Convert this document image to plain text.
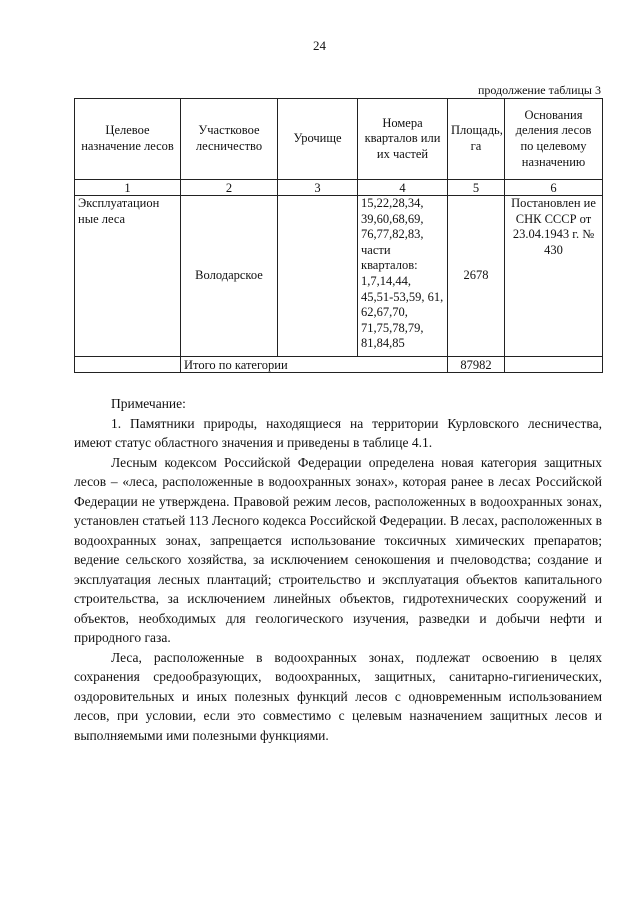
24
продолжение таблицы 3
Целевое назначение лесов	Участковое лесничество	Урочище	Номера кварталов или их частей	Площадь, га	Основания деления лесов по целевому назначению
1	2	3	4	5	6
Эксплуатацион ные леса	Володарское		15,22,28,34, 39,60,68,69, 76,77,82,83, части кварталов: 1,7,14,44, 45,51-53,59, 61, 62,67,70, 71,75,78,79, 81,84,85	2678	Постановлен ие СНК СССР от 23.04.1943 г. № 430
	Итого по категории			87982	

Примечание:

1. Памятники природы, находящиеся на территории Курловского лесничества, имеют статус областного значения и приведены в таблице 4.1.

Лесным кодексом Российской Федерации определена новая категория защитных лесов – «леса, расположенные в водоохранных зонах», которая ранее в лесах Российской Федерации не утверждена. Правовой режим лесов, расположенных в водоохранных зонах, установлен статьей 113 Лесного кодекса Российской Федерации. В лесах, расположенных в водоохранных зонах, запрещается использование токсичных химических препаратов; ведение сельского хозяйства, за исключением сенокошения и пчеловодства; создание и эксплуатация лесных плантаций; строительство и эксплуатация объектов капитального строительства, за исключением линейных объектов, гидротехнических сооружений и объектов, необходимых для геологического изучения, разведки и добычи нефти и природного газа.

Леса, расположенные в водоохранных зонах, подлежат освоению в целях сохранения средообразующих, водоохранных, защитных, санитарно-гигиенических, оздоровительных и иных полезных функций лесов с одновременным использованием лесов, при условии, если это совместимо с целевым назначением защитных лесов и выполняемыми ими полезными функциями.
